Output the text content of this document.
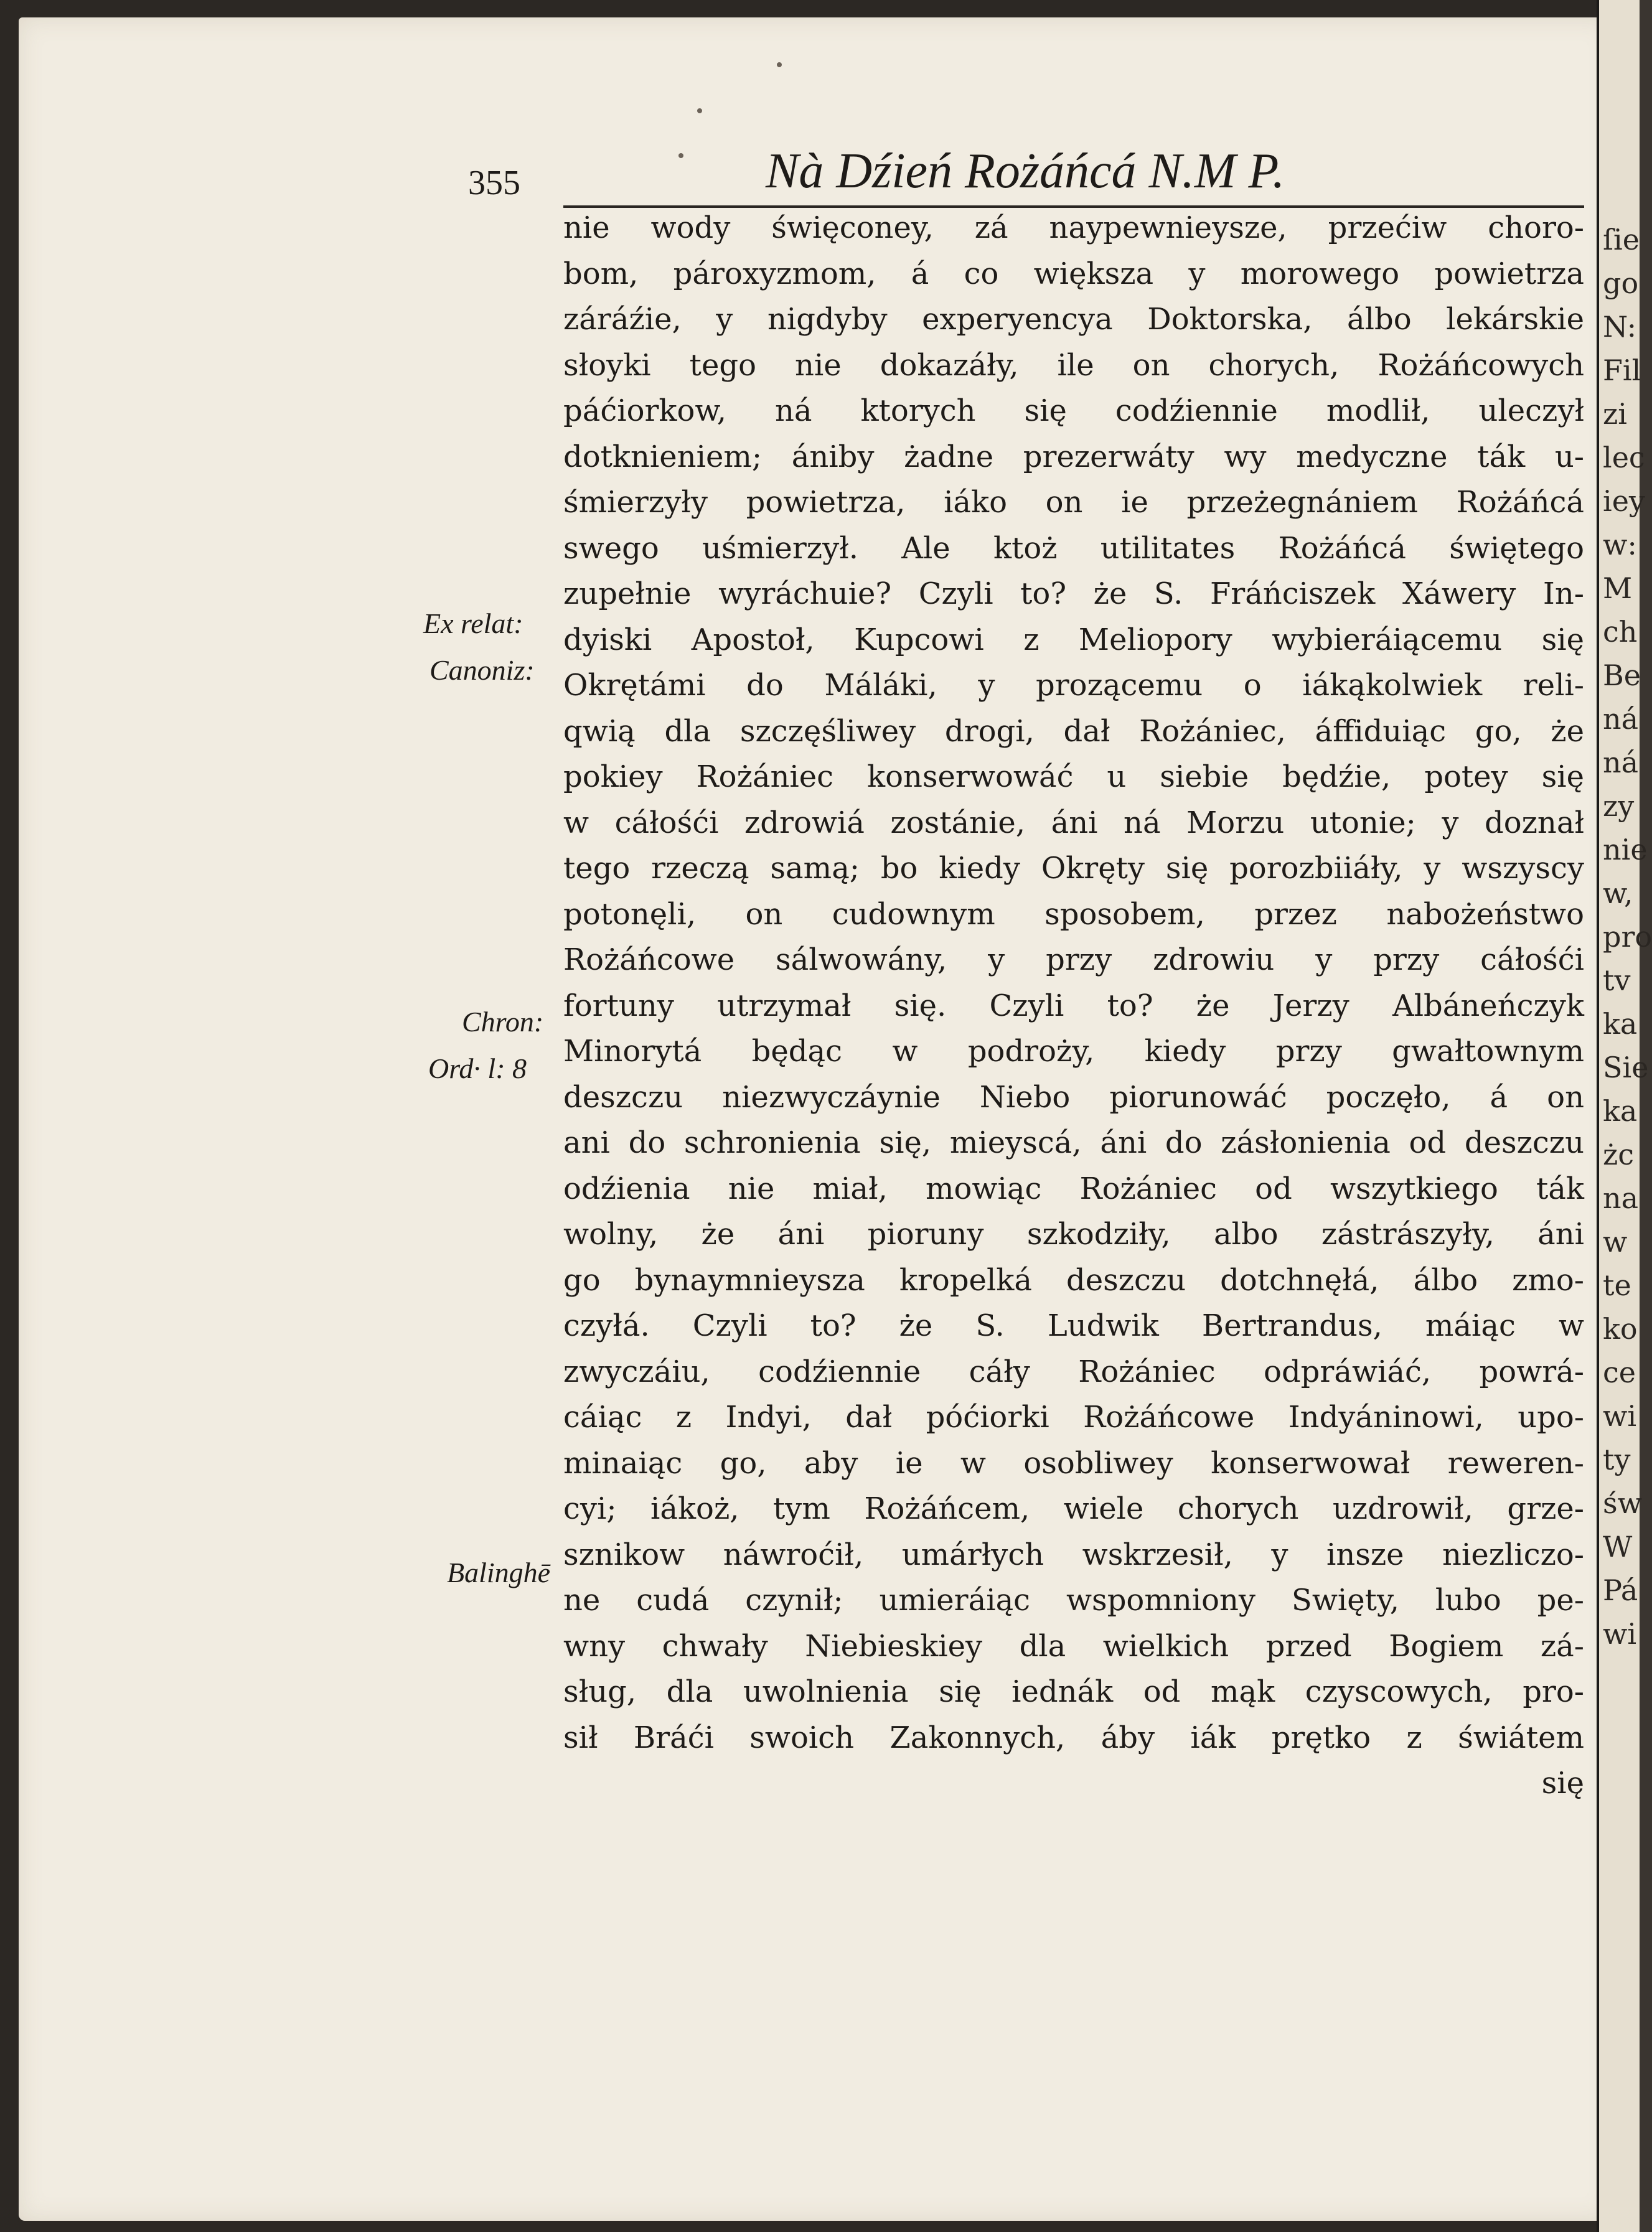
355	Nà Dźień Rożáńcá N.M P.
nie wody święconey, zá naypewnieysze, przećiw choro-
bom, pároxyzmom, á co większa y morowego powietrza
záráźie, y nigdyby experyencya Doktorska, álbo lekárskie
słoyki tego nie dokazáły, ile on chorych, Rożáńcowych
páćiorkow, ná ktorych się codźiennie modlił, uleczył
dotknieniem; ániby żadne prezerwáty wy medyczne ták u-
śmierzyły powietrza, iáko on ie przeżegnániem Rożáńcá
swego uśmierzył. Ale ktoż utilitates Rożáńcá świętego
zupełnie wyráchuie? Czyli to? że S. Fráńciszek Xáwery In-
dyiski Apostoł, Kupcowi z Meliopory wybieráiącemu się
Okrętámi do Máláki, y prozącemu o iákąkolwiek reli-
qwią dla szczęśliwey drogi, dał Rożániec, áffiduiąc go, że
pokiey Rożániec konserwowáć u siebie będźie, potey się
w cáłośći zdrowiá zostánie, áni ná Morzu utonie; y doznał
tego rzeczą samą; bo kiedy Okręty się porozbiiáły, y wszyscy
potonęli, on cudownym sposobem, przez nabożeństwo
Rożáńcowe sálwowány, y przy zdrowiu y przy cáłośći
fortuny utrzymał się. Czyli to? że Jerzy Albáneńczyk
Minorytá będąc w podroży, kiedy przy gwałtownym
deszczu niezwyczáynie Niebo piorunowáć poczęło, á on
ani do schronienia się, mieyscá, áni do zásłonienia od deszczu
odźienia nie miał, mowiąc Rożániec od wszytkiego ták
wolny, że áni pioruny szkodziły, albo zástrászyły, áni
go bynaymnieysza kropelká deszczu dotchnęłá, álbo zmo-
czyłá. Czyli to? że S. Ludwik Bertrandus, máiąc w
zwyczáiu, codźiennie cáły Rożániec odpráwiáć, powrá-
cáiąc z Indyi, dał póćiorki Rożáńcowe Indyáninowi, upo-
minaiąc go, aby ie w osobliwey konserwował reweren-
cyi; iákoż, tym Rożáńcem, wiele chorych uzdrowił, grze-
sznikow náwroćił, umárłych wskrzesił, y insze niezliczo-
ne cudá czynił; umieráiąc wspomniony Swięty, lubo pe-
wny chwały Niebieskiey dla wielkich przed Bogiem zá-
sług, dla uwolnienia się iednák od mąk czyscowych, pro-
sił Bráći swoich Zakonnych, áby iák prętko z świátem
się
Ex relat:
Canoniz:
Chron:
Ord· l: 8
Balinghē
ſie
go
N:
Fil
zi
lec
iey
w:
M
ch
Be
ná
ná
zy
nie
w,
pro
tv
ka
Sie
ka
żc
na
w
te
ko
ce
wi
ty
św
W
Pá
wi
